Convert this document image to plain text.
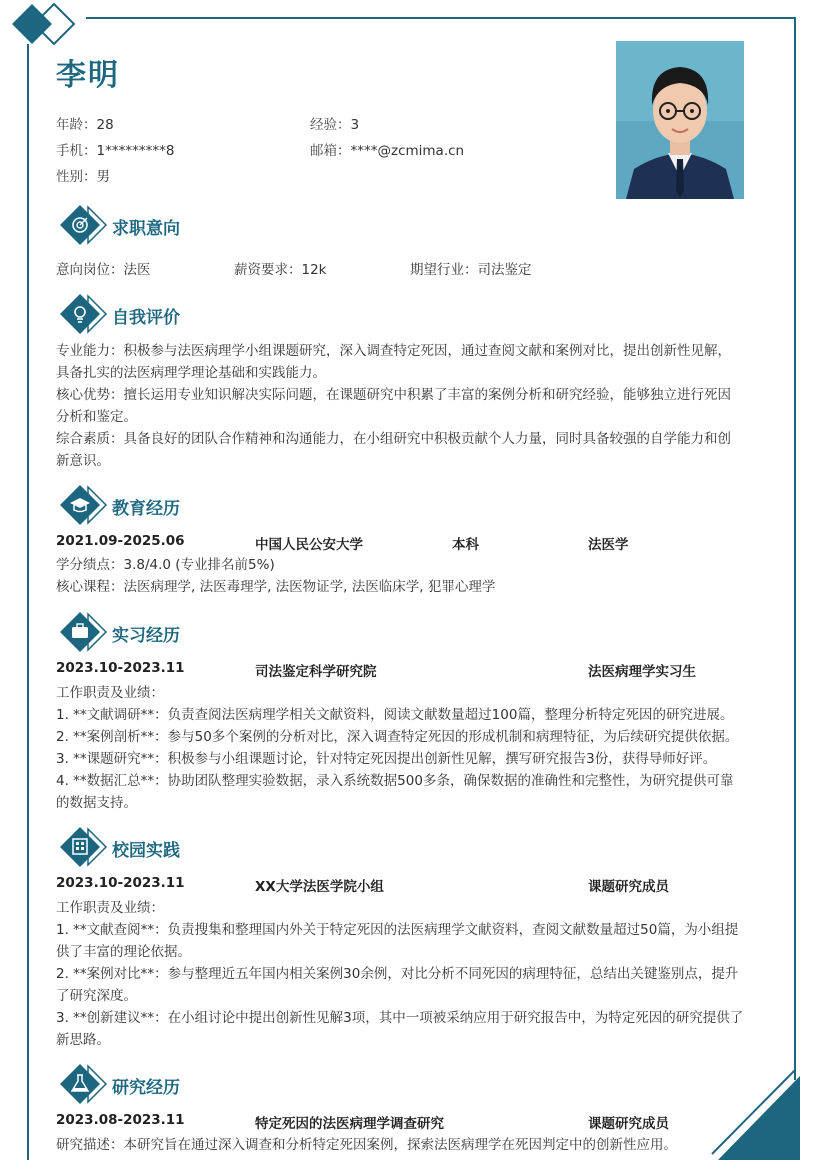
李明
年龄：28	经验：3
手机：1*********8	邮箱：****@zcmima.cn
性别：男
求职意向
意向岗位：法医	薪资要求：12k	期望行业：司法鉴定
自我评价
专业能力：积极参与法医病理学小组课题研究，深入调查特定死因，通过查阅文献和案例对比，提出创新性见解，
具备扎实的法医病理学理论基础和实践能力。
核心优势：擅长运用专业知识解决实际问题，在课题研究中积累了丰富的案例分析和研究经验，能够独立进行死因
分析和鉴定。
综合素质：具备良好的团队合作精神和沟通能力，在小组研究中积极贡献个人力量，同时具备较强的自学能力和创
新意识。
教育经历
2021.09-2025.06	中国人民公安大学	本科	法医学
学分绩点：3.8/4.0 (专业排名前5%)
核心课程：法医病理学, 法医毒理学, 法医物证学, 法医临床学, 犯罪心理学
实习经历
2023.10-2023.11	司法鉴定科学研究院	法医病理学实习生
工作职责及业绩：
1. **文献调研**：负责查阅法医病理学相关文献资料，阅读文献数量超过100篇，整理分析特定死因的研究进展。
2. **案例剖析**：参与50多个案例的分析对比，深入调查特定死因的形成机制和病理特征，为后续研究提供依据。
3. **课题研究**：积极参与小组课题讨论，针对特定死因提出创新性见解，撰写研究报告3份，获得导师好评。
4. **数据汇总**：协助团队整理实验数据，录入系统数据500多条，确保数据的准确性和完整性，为研究提供可靠
的数据支持。
校园实践
2023.10-2023.11	XX大学法医学院小组	课题研究成员
工作职责及业绩：
1. **文献查阅**：负责搜集和整理国内外关于特定死因的法医病理学文献资料，查阅文献数量超过50篇，为小组提
供了丰富的理论依据。
2. **案例对比**：参与整理近五年国内相关案例30余例，对比分析不同死因的病理特征，总结出关键鉴别点，提升
了研究深度。
3. **创新建议**：在小组讨论中提出创新性见解3项，其中一项被采纳应用于研究报告中，为特定死因的研究提供了
新思路。
研究经历
2023.08-2023.11	特定死因的法医病理学调查研究	课题研究成员
研究描述：本研究旨在通过深入调查和分析特定死因案例，探索法医病理学在死因判定中的创新性应用。
